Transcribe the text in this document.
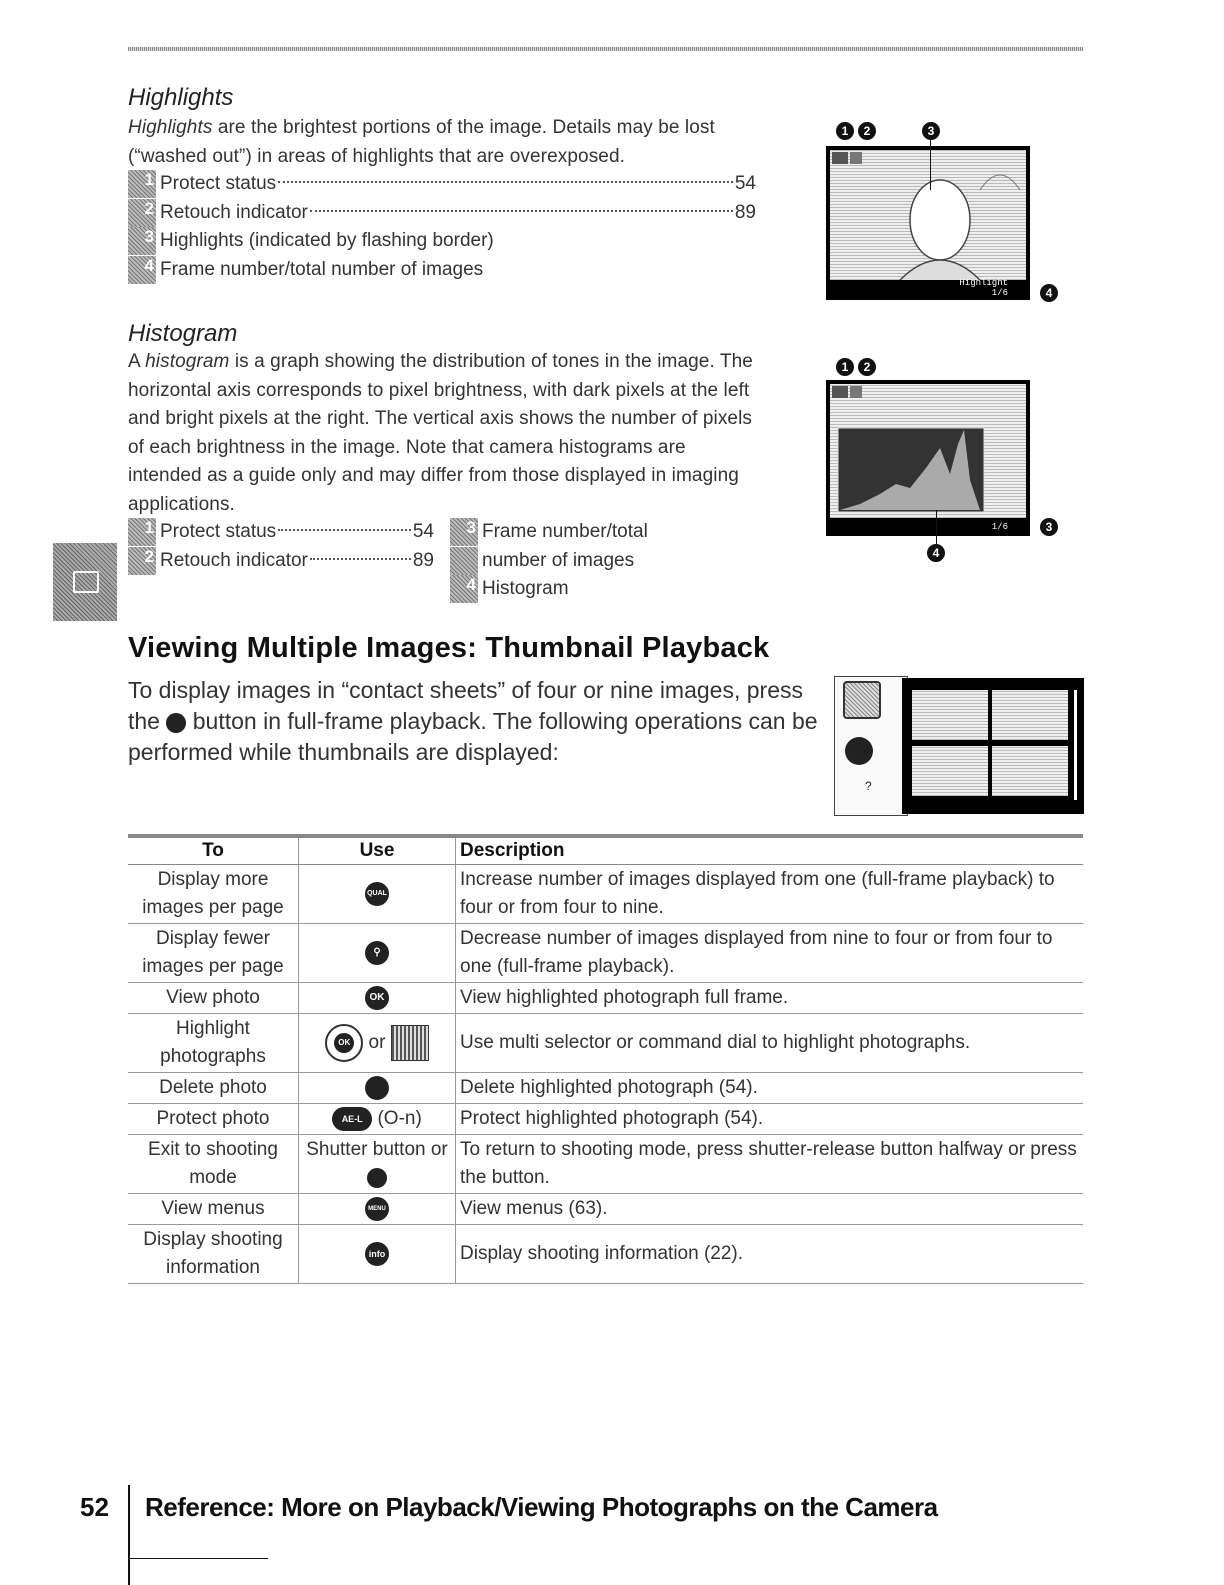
Highlights
Highlights are the brightest portions of the image. Details may be lost (“washed out”) in areas of highlights that are overexposed.
1 Protect status	54
2 Retouch indicator	89
3 Highlights (indicated by flashing border)
4 Frame number/total number of images
Highlight
1/6
1	2	3
4
Histogram
A histogram is a graph showing the distribution of tones in the image. The horizontal axis corresponds to pixel brightness, with dark pixels at the left and bright pixels at the right. The vertical axis shows the number of pixels of each brightness in the image. Note that camera histograms are intended as a guide only and may differ from those displayed in imaging applications.
1 Protect status	54
2 Retouch indicator	89
3 Frame number/total
number of images
4 Histogram
1/6
1	2
3
4
Viewing Multiple Images: Thumbnail Playback
To display images in “contact sheets” of four or nine images, press the  button in full-frame playback. The following operations can be performed while thumbnails are displayed:
?
To	Use	Description
Display more images per page	QUAL	Increase number of images displayed from one (full-frame playback) to four or from four to nine.
Display fewer images per page	⚲	Decrease number of images displayed from nine to four or from four to one (full-frame playback).
View photo	OK	View highlighted photograph full frame.
Highlight photographs	OK or	Use multi selector or command dial to highlight photographs.
Delete photo		Delete highlighted photograph (54).
Protect photo	AE-L (O-n)	Protect highlighted photograph (54).
Exit to shooting mode	Shutter button or	To return to shooting mode, press shutter-release button halfway or press the button.
View menus	MENU	View menus (63).
Display shooting information	info	Display shooting information (22).
52 Reference: More on Playback/Viewing Photographs on the Camera
